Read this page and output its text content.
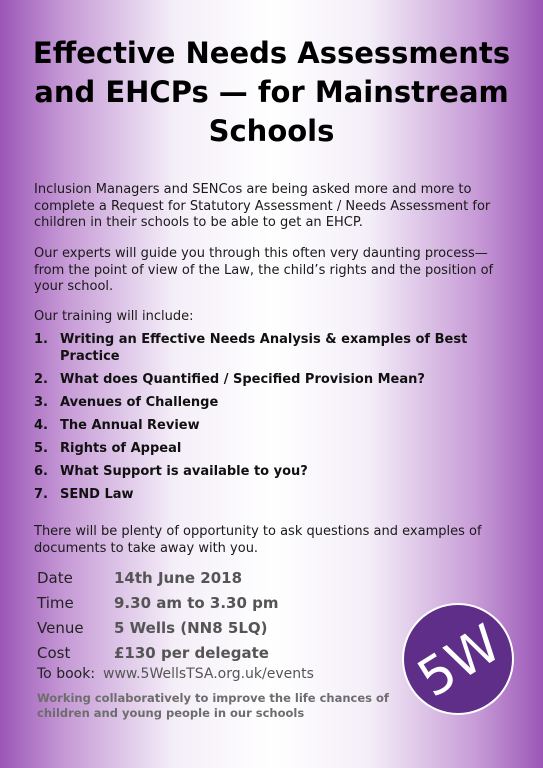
Effective Needs Assessments and EHCPs — for Mainstream Schools

Inclusion Managers and SENCos are being asked more and more to complete a Request for Statutory Assessment / Needs Assessment for children in their schools to be able to get an EHCP.

Our experts will guide you through this often very daunting process—from the point of view of the Law, the child’s rights and the position of your school.

Our training will include:

1. Writing an Effective Needs Analysis & examples of Best Practice
2. What does Quantified / Specified Provision Mean?
3. Avenues of Challenge
4. The Annual Review
5. Rights of Appeal
6. What Support is available to you?
7. SEND Law

There will be plenty of opportunity to ask questions and examples of documents to take away with you.

Date	14th June 2018
Time	9.30 am to 3.30 pm
Venue	5 Wells (NN8 5LQ)
Cost	£130 per delegate
To book: www.5WellsTSA.org.uk/events

Working collaboratively to improve the life chances of children and young people in our schools

5W
